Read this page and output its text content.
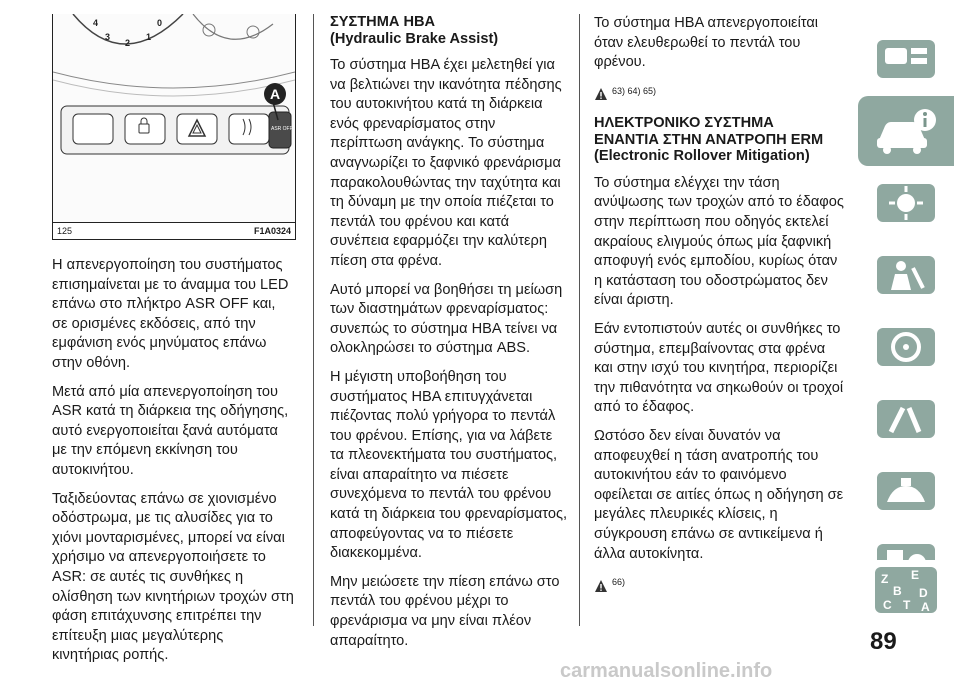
4
3
2
1
0
ASR OFF
A
125	F1A0324

Η απενεργοποίηση του συστήματος επισημαίνεται με το άναμμα του LED επάνω στο πλήκτρο ASR OFF και, σε ορισμένες εκδόσεις, από την εμφάνιση ενός μηνύματος επάνω στην οθόνη.

Μετά από μία απενεργοποίηση του ASR κατά τη διάρκεια της οδήγησης, αυτό ενεργοποιείται ξανά αυτόματα με την επόμενη εκκίνηση του αυτοκινήτου.

Ταξιδεύοντας επάνω σε χιονισμένο οδόστρωμα, με τις αλυσίδες για το χιόνι μονταρισμένες, μπορεί να είναι χρήσιμο να απενεργοποιήσετε το ASR: σε αυτές τις συνθήκες η ολίσθηση των κινητήριων τροχών στη φάση επιτάχυνσης επιτρέπει την επίτευξη μιας μεγαλύτερης κινητήριας ροπής.

ΣΥΣΤΗΜΑ HBA
(Hydraulic Brake Assist)

Το σύστημα HBA έχει μελετηθεί για να βελτιώνει την ικανότητα πέδησης του αυτοκινήτου κατά τη διάρκεια ενός φρεναρίσματος στην περίπτωση ανάγκης. Το σύστημα αναγνωρίζει το ξαφνικό φρενάρισμα παρακολουθώντας την ταχύτητα και τη δύναμη με την οποία πιέζεται το πεντάλ του φρένου και κατά συνέπεια εφαρμόζει την καλύτερη πίεση στα φρένα.

Αυτό μπορεί να βοηθήσει τη μείωση των διαστημάτων φρεναρίσματος: συνεπώς το σύστημα HBA τείνει να ολοκληρώσει το σύστημα ABS.

Η μέγιστη υποβοήθηση του συστήματος HBA επιτυγχάνεται πιέζοντας πολύ γρήγορα το πεντάλ του φρένου. Επίσης, για να λάβετε τα πλεονεκτήματα του συστήματος, είναι απαραίτητο να πιέσετε συνεχόμενα το πεντάλ του φρένου κατά τη διάρκεια του φρεναρίσματος, αποφεύγοντας να το πιέσετε διακεκομμένα.

Μην μειώσετε την πίεση επάνω στο πεντάλ του φρένου μέχρι το φρενάρισμα να μην είναι πλέον απαραίτητο.

Το σύστημα HBA απενεργοποιείται όταν ελευθερωθεί το πεντάλ του φρένου.

63) 64) 65)
ΗΛΕΚΤΡΟΝΙΚΟ ΣΥΣΤΗΜΑ
ΕΝΑΝΤΙΑ ΣΤΗΝ ΑΝΑΤΡΟΠΗ ERM
(Electronic Rollover Mitigation)

Το σύστημα ελέγχει την τάση ανύψωσης των τροχών από το έδαφος στην περίπτωση που οδηγός εκτελεί ακραίους ελιγμούς όπως μία ξαφνική αποφυγή ενός εμποδίου, κυρίως όταν η κατάσταση του οδοστρώματος δεν είναι άριστη.

Εάν εντοπιστούν αυτές οι συνθήκες το σύστημα, επεμβαίνοντας στα φρένα και στην ισχύ του κινητήρα, περιορίζει την πιθανότητα να σηκωθούν οι τροχοί από το έδαφος.

Ωστόσο δεν είναι δυνατόν να αποφευχθεί η τάση ανατροπής του αυτοκινήτου εάν το φαινόμενο οφείλεται σε αιτίες όπως η οδήγηση σε μεγάλες πλευρικές κλίσεις, η σύγκρουση επάνω σε αντικείμενα ή άλλα αυτοκίνητα.

66)	Z E
B D
C T A
89
carmanualsonline.info
